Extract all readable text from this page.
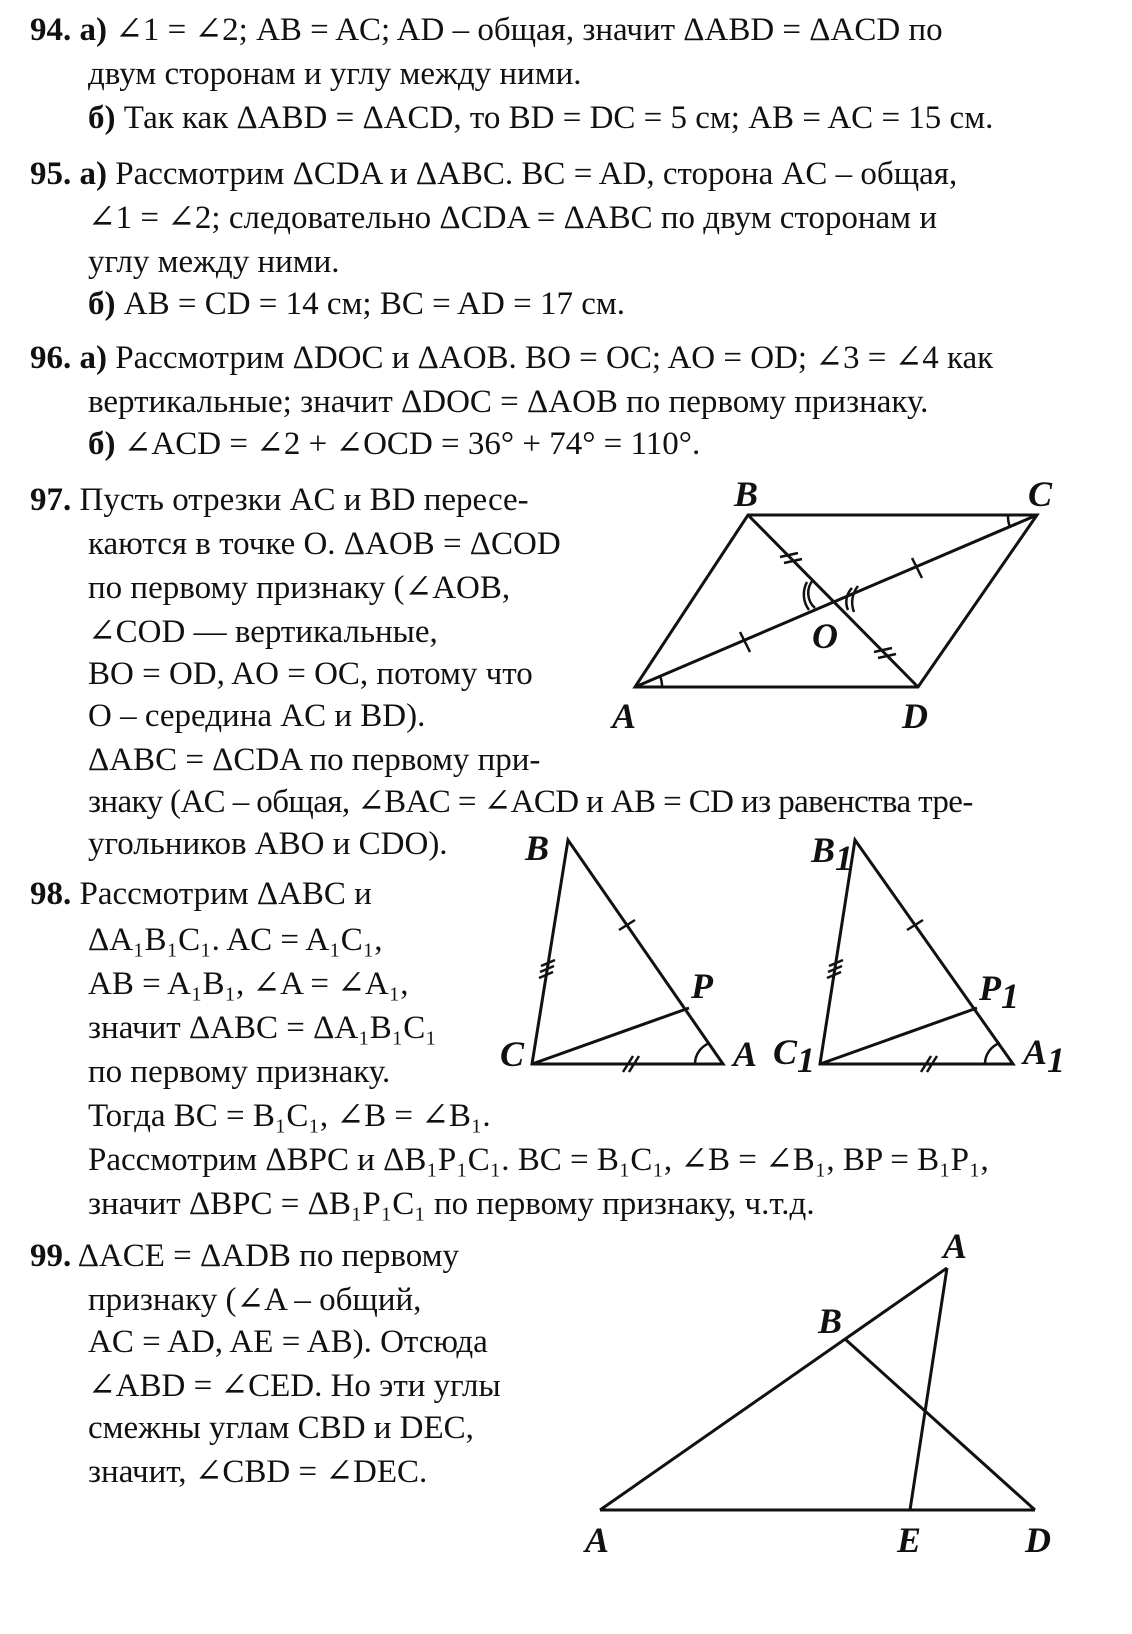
94. а) ∠1 = ∠2; AB = AC; AD – общая, значит ΔABD = ΔACD по
двум сторонам и углу между ними.
б) Так как ΔABD = ΔACD, то BD = DC = 5 см; AB = AC = 15 см.
95. а) Рассмотрим ΔCDA и ΔABC. BC = AD, сторона AC – общая,
∠1 = ∠2; следовательно ΔCDA = ΔABC по двум сторонам и
углу между ними.
б) AB = CD = 14 см; BC = AD = 17 см.
96. а) Рассмотрим ΔDOC и ΔAOB. BO = OC; AO = OD; ∠3 = ∠4 как
вертикальные; значит ΔDOC = ΔAOB по первому признаку.
б) ∠ACD = ∠2 + ∠OCD = 36° + 74° = 110°.
97. Пусть отрезки AC и BD пересе-
каются в точке O. ΔAOB = ΔCOD
по первому признаку (∠AOB,
∠COD — вертикальные,
BO = OD, AO = OC, потому что
O – середина AC и BD).
ΔABC = ΔCDA по первому при-
знаку (AC – общая, ∠BAC = ∠ACD и AB = CD из равенства тре-
угольников ABO и CDO).
B	C
A	D
O
98. Рассмотрим ΔABC и
ΔA₁B₁C₁. AC = A₁C₁,
AB = A₁B₁, ∠A = ∠A₁,
значит ΔABC = ΔA₁B₁C₁
по первому признаку.
Тогда BC = B₁C₁, ∠B = ∠B₁.
Рассмотрим ΔBPC и ΔB₁P₁C₁. BC = B₁C₁, ∠B = ∠B₁, BP = B₁P₁,
значит ΔBPC = ΔB₁P₁C₁ по первому признаку, ч.т.д.
B
P
C	A
B1
P1
C1	A1
99. ΔACE = ΔADB по первому
признаку (∠A – общий,
AC = AD, AE = AB). Отсюда
∠ABD = ∠CED. Но эти углы
смежны углам CBD и DEC,
значит, ∠CBD = ∠DEC.
A
B
A	E	D
